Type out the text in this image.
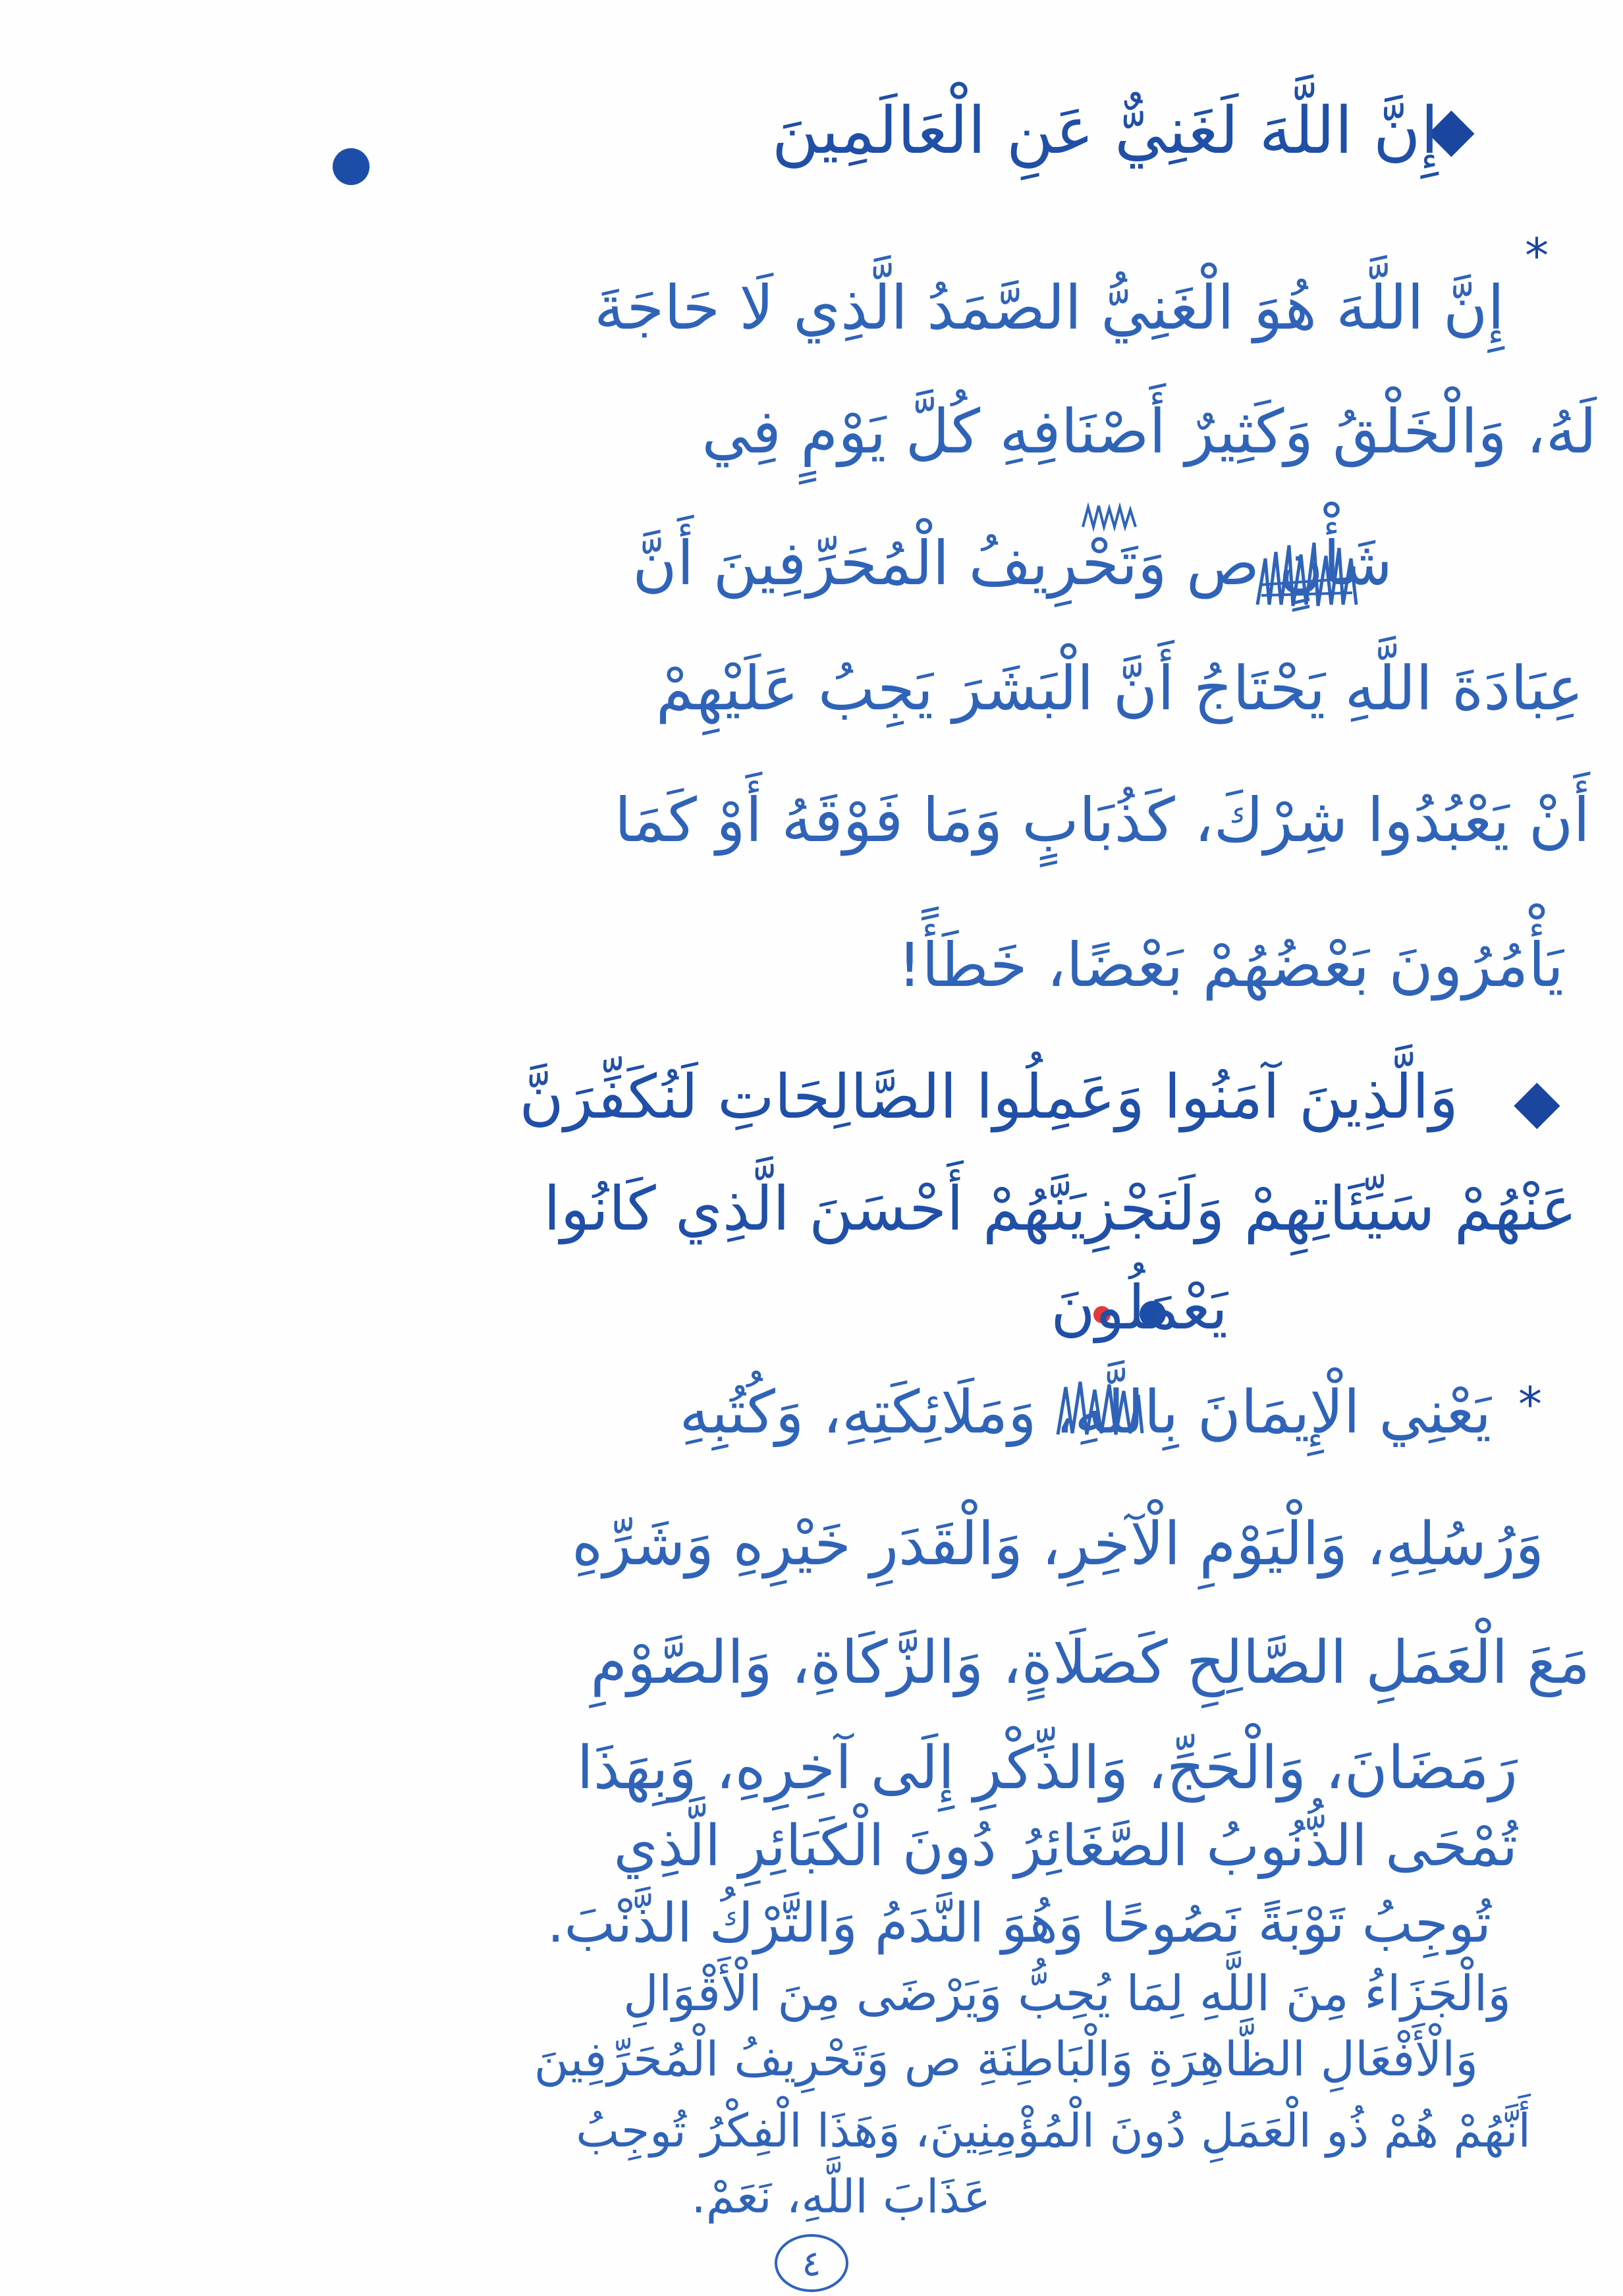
◆
*
◆
*
إِنَّ اللَّهَ لَغَنِيٌّ عَنِ الْعَالَمِينَ
إِنَّ اللَّهَ هُوَ الْغَنِيُّ الصَّمَدُ الَّذِي لَا حَاجَةَ
لَهُ، وَالْخَلْقُ وَكَثِيرٌ أَصْنَافِهِ كُلَّ يَوْمٍ فِي
شَأْنٍ ص وَتَحْرِيفُ الْمُحَرِّفِينَ أَنَّ
عِبَادَةَ اللَّهِ يَحْتَاجُ أَنَّ الْبَشَرَ يَجِبُ عَلَيْهِمْ
أَنْ يَعْبُدُوا شِرْكَ، كَذُبَابٍ وَمَا فَوْقَهُ أَوْ كَمَا
يَأْمُرُونَ بَعْضُهُمْ بَعْضًا، خَطَأً!
وَالَّذِينَ آمَنُوا وَعَمِلُوا الصَّالِحَاتِ لَنُكَفِّرَنَّ
عَنْهُمْ سَيِّئَاتِهِمْ وَلَنَجْزِيَنَّهُمْ أَحْسَنَ الَّذِي كَانُوا
يَعْمَلُونَ
يَعْنِي الْإِيمَانَ بِاللَّهِ، وَمَلَائِكَتِهِ، وَكُتُبِهِ
وَرُسُلِهِ، وَالْيَوْمِ الْآخِرِ، وَالْقَدَرِ خَيْرِهِ وَشَرِّهِ
مَعَ الْعَمَلِ الصَّالِحِ كَصَلَاةٍ، وَالزَّكَاةِ، وَالصَّوْمِ
رَمَضَانَ، وَالْحَجِّ، وَالذِّكْرِ إِلَى آخِرِهِ، وَبِهَذَا
تُمْحَى الذُّنُوبُ الصَّغَائِرُ دُونَ الْكَبَائِرِ الَّذِي
تُوجِبُ تَوْبَةً نَصُوحًا وَهُوَ النَّدَمُ وَالتَّرْكُ الذَّنْبَ.
وَالْجَزَاءُ مِنَ اللَّهِ لِمَا يُحِبُّ وَيَرْضَى مِنَ الْأَقْوَالِ
وَالْأَفْعَالِ الظَّاهِرَةِ وَالْبَاطِنَةِ ص وَتَحْرِيفُ الْمُحَرِّفِينَ
أَنَّهُمْ هُمْ ذُو الْعَمَلِ دُونَ الْمُؤْمِنِينَ، وَهَذَا الْفِكْرُ تُوجِبُ
عَذَابَ اللَّهِ، نَعَمْ.
٤
